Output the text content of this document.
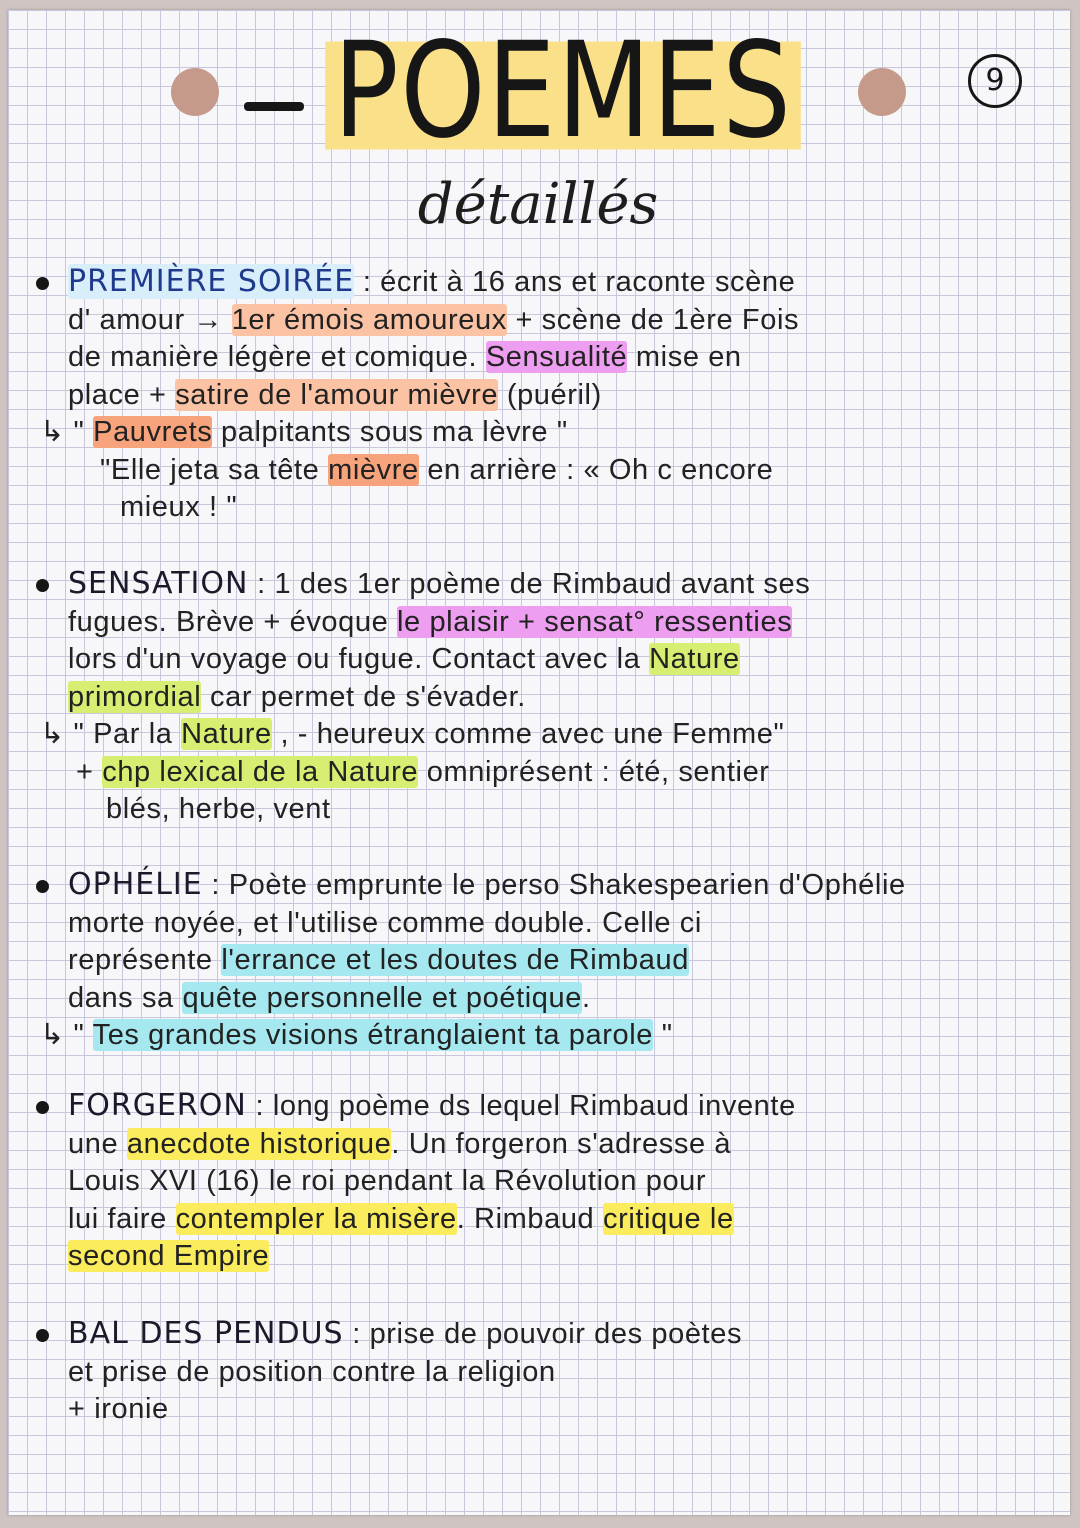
POEMES	9
détaillés
PREMIÈRE SOIRÉE : écrit à 16 ans et raconte scène
d' amour → 1er émois amoureux + scène de 1ère Fois
de manière légère et comique. Sensualité mise en
place + satire de l'amour mièvre (puéril)
↳ " Pauvrets palpitants sous ma lèvre "
"Elle jeta sa tête mièvre en arrière : « Oh c encore
mieux ! "
SENSATION : 1 des 1er poème de Rimbaud avant ses
fugues. Brève + évoque le plaisir + sensat° ressenties
lors d'un voyage ou fugue. Contact avec la Nature
primordial car permet de s'évader.
↳ " Par la Nature , - heureux comme avec une Femme"
+ chp lexical de la Nature omniprésent : été, sentier
blés, herbe, vent
OPHÉLIE : Poète emprunte le perso Shakespearien d'Ophélie
morte noyée, et l'utilise comme double. Celle ci
représente l'errance et les doutes de Rimbaud
dans sa quête personnelle et poétique.
↳ " Tes grandes visions étranglaient ta parole "
FORGERON : long poème ds lequel Rimbaud invente
une anecdote historique. Un forgeron s'adresse à
Louis XVI (16) le roi pendant la Révolution pour
lui faire contempler la misère. Rimbaud critique le
second Empire
BAL DES PENDUS : prise de pouvoir des poètes
et prise de position contre la religion
+ ironie
